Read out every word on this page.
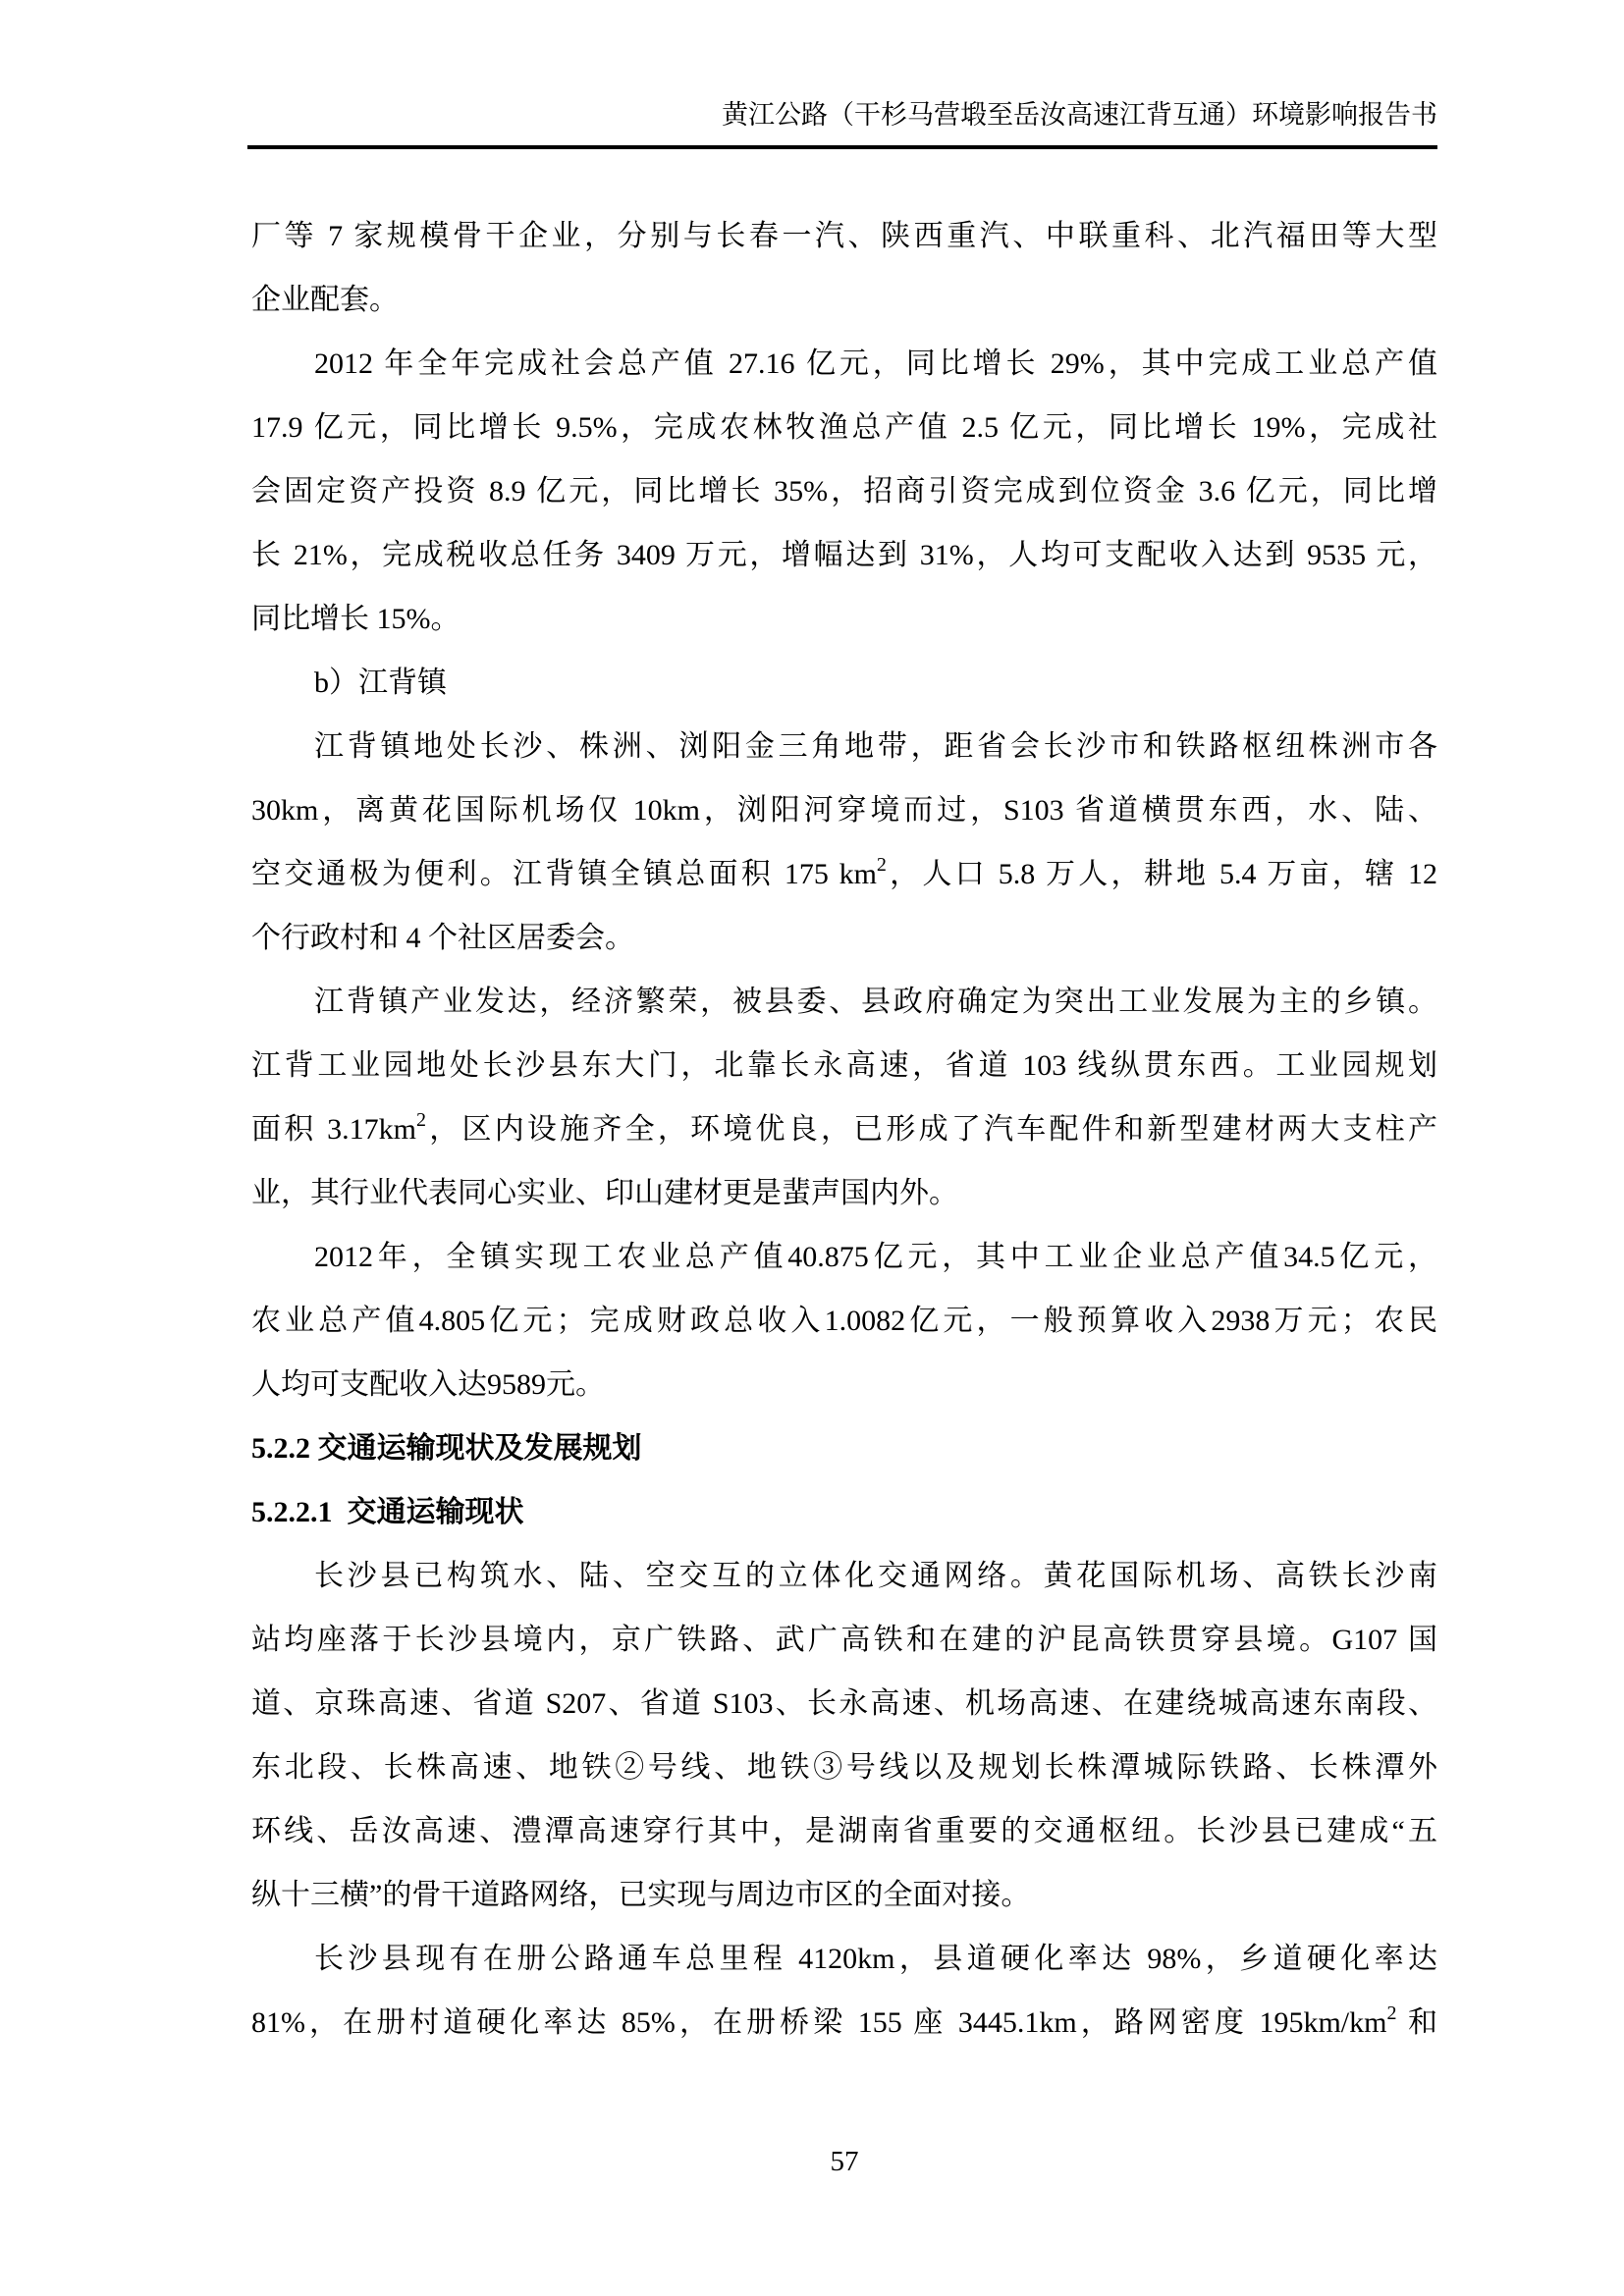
黄江公路（干杉马营塅至岳汝高速江背互通）环境影响报告书
厂等 7 家规模骨干企业，分别与长春一汽、陕西重汽、中联重科、北汽福田等大型
企业配套。
2012 年全年完成社会总产值 27.16 亿元，同比增长 29%，其中完成工业总产值
17.9 亿元，同比增长 9.5%，完成农林牧渔总产值 2.5 亿元，同比增长 19%，完成社
会固定资产投资 8.9 亿元，同比增长 35%，招商引资完成到位资金 3.6 亿元，同比增
长 21%，完成税收总任务 3409 万元，增幅达到 31%，人均可支配收入达到 9535 元，
同比增长 15%。
b）江背镇
江背镇地处长沙、株洲、浏阳金三角地带，距省会长沙市和铁路枢纽株洲市各
30km，离黄花国际机场仅 10km，浏阳河穿境而过，S103 省道横贯东西，水、陆、
空交通极为便利。江背镇全镇总面积 175 $km^2$，人口 5.8 万人，耕地 5.4 万亩，辖 12
个行政村和 4 个社区居委会。
江背镇产业发达，经济繁荣，被县委、县政府确定为突出工业发展为主的乡镇。
江背工业园地处长沙县东大门，北靠长永高速，省道 103 线纵贯东西。工业园规划
面积 $3.17km^2$，区内设施齐全，环境优良，已形成了汽车配件和新型建材两大支柱产
业，其行业代表同心实业、印山建材更是蜚声国内外。
2012年，全镇实现工农业总产值40.875亿元，其中工业企业总产值34.5亿元，
农业总产值4.805亿元；完成财政总收入1.0082亿元，一般预算收入2938万元；农民
人均可支配收入达9589元。
5.2.2 交通运输现状及发展规划
5.2.2.1  交通运输现状
长沙县已构筑水、陆、空交互的立体化交通网络。黄花国际机场、高铁长沙南
站均座落于长沙县境内，京广铁路、武广高铁和在建的沪昆高铁贯穿县境。G107 国
道、京珠高速、省道 S207、省道 S103、长永高速、机场高速、在建绕城高速东南段、
东北段、长株高速、地铁②号线、地铁③号线以及规划长株潭城际铁路、长株潭外
环线、岳汝高速、澧潭高速穿行其中，是湖南省重要的交通枢纽。长沙县已建成“五
纵十三横”的骨干道路网络，已实现与周边市区的全面对接。
长沙县现有在册公路通车总里程 4120km，县道硬化率达 98%，乡道硬化率达
81%，在册村道硬化率达 85%，在册桥梁 155 座 3445.1km，路网密度 $195km/km^2$ 和
57
